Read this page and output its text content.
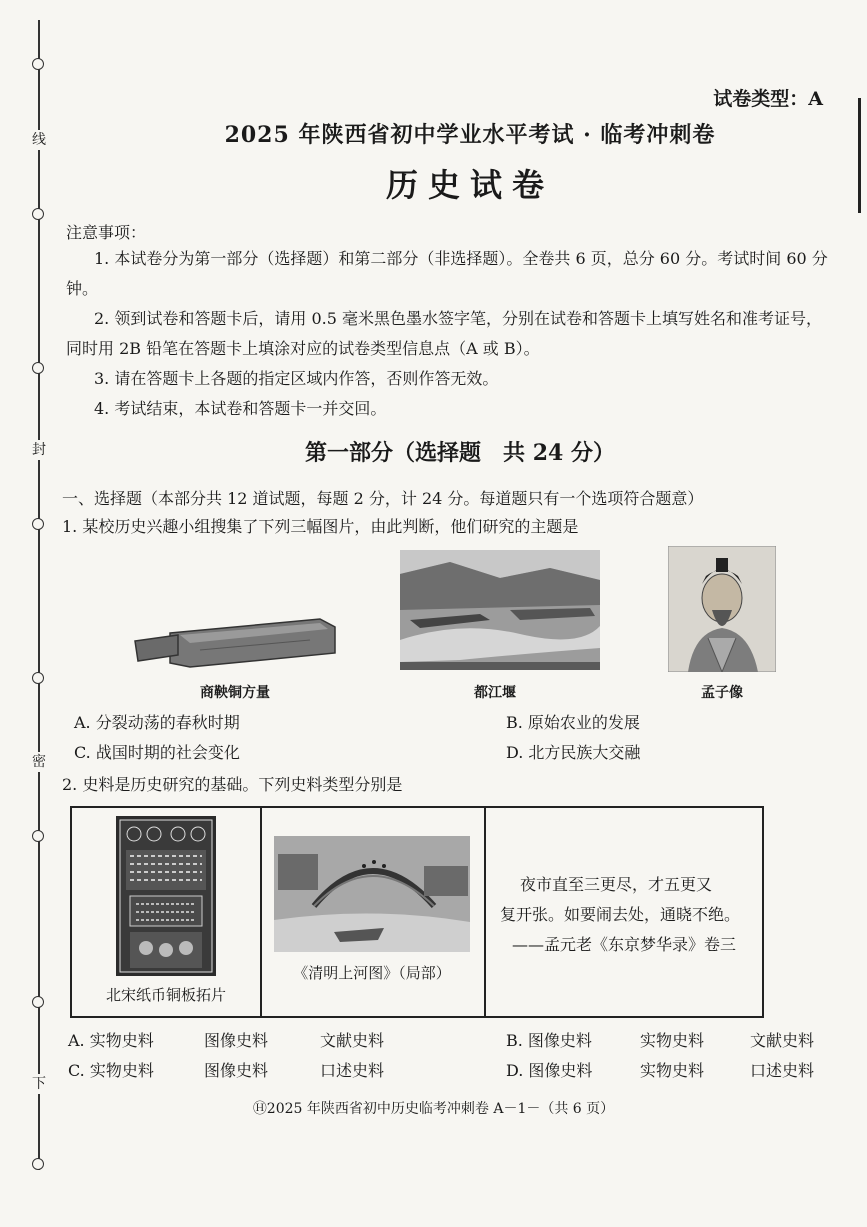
线
封
密
下
试卷类型：A
2025 年陕西省初中学业水平考试 · 临考冲刺卷
历史试卷
注意事项：
1. 本试卷分为第一部分（选择题）和第二部分（非选择题）。全卷共 6 页，总分 60 分。考试时间 60 分钟。
2. 领到试卷和答题卡后，请用 0.5 毫米黑色墨水签字笔，分别在试卷和答题卡上填写姓名和准考证号，同时用 2B 铅笔在答题卡上填涂对应的试卷类型信息点（A 或 B）。
3. 请在答题卡上各题的指定区域内作答，否则作答无效。
4. 考试结束，本试卷和答题卡一并交回。
第一部分（选择题　共 24 分）
一、选择题（本部分共 12 道试题，每题 2 分，计 24 分。每道题只有一个选项符合题意）
1. 某校历史兴趣小组搜集了下列三幅图片，由此判断，他们研究的主题是
商鞅铜方量	都江堰	孟子像
A. 分裂动荡的春秋时期	B. 原始农业的发展
C. 战国时期的社会变化	D. 北方民族大交融
2. 史料是历史研究的基础。下列史料类型分别是
北宋纸币铜板拓片
《清明上河图》（局部）
夜市直至三更尽，才五更又
复开张。如要闹去处，通晓不绝。
——孟元老《东京梦华录》卷三
A. 实物史料	图像史料	文献史料	B. 图像史料	实物史料	文献史料
C. 实物史料	图像史料	口述史料	D. 图像史料	实物史料	口述史料
Ⓗ2025 年陕西省初中历史临考冲刺卷 A－1－（共 6 页）
